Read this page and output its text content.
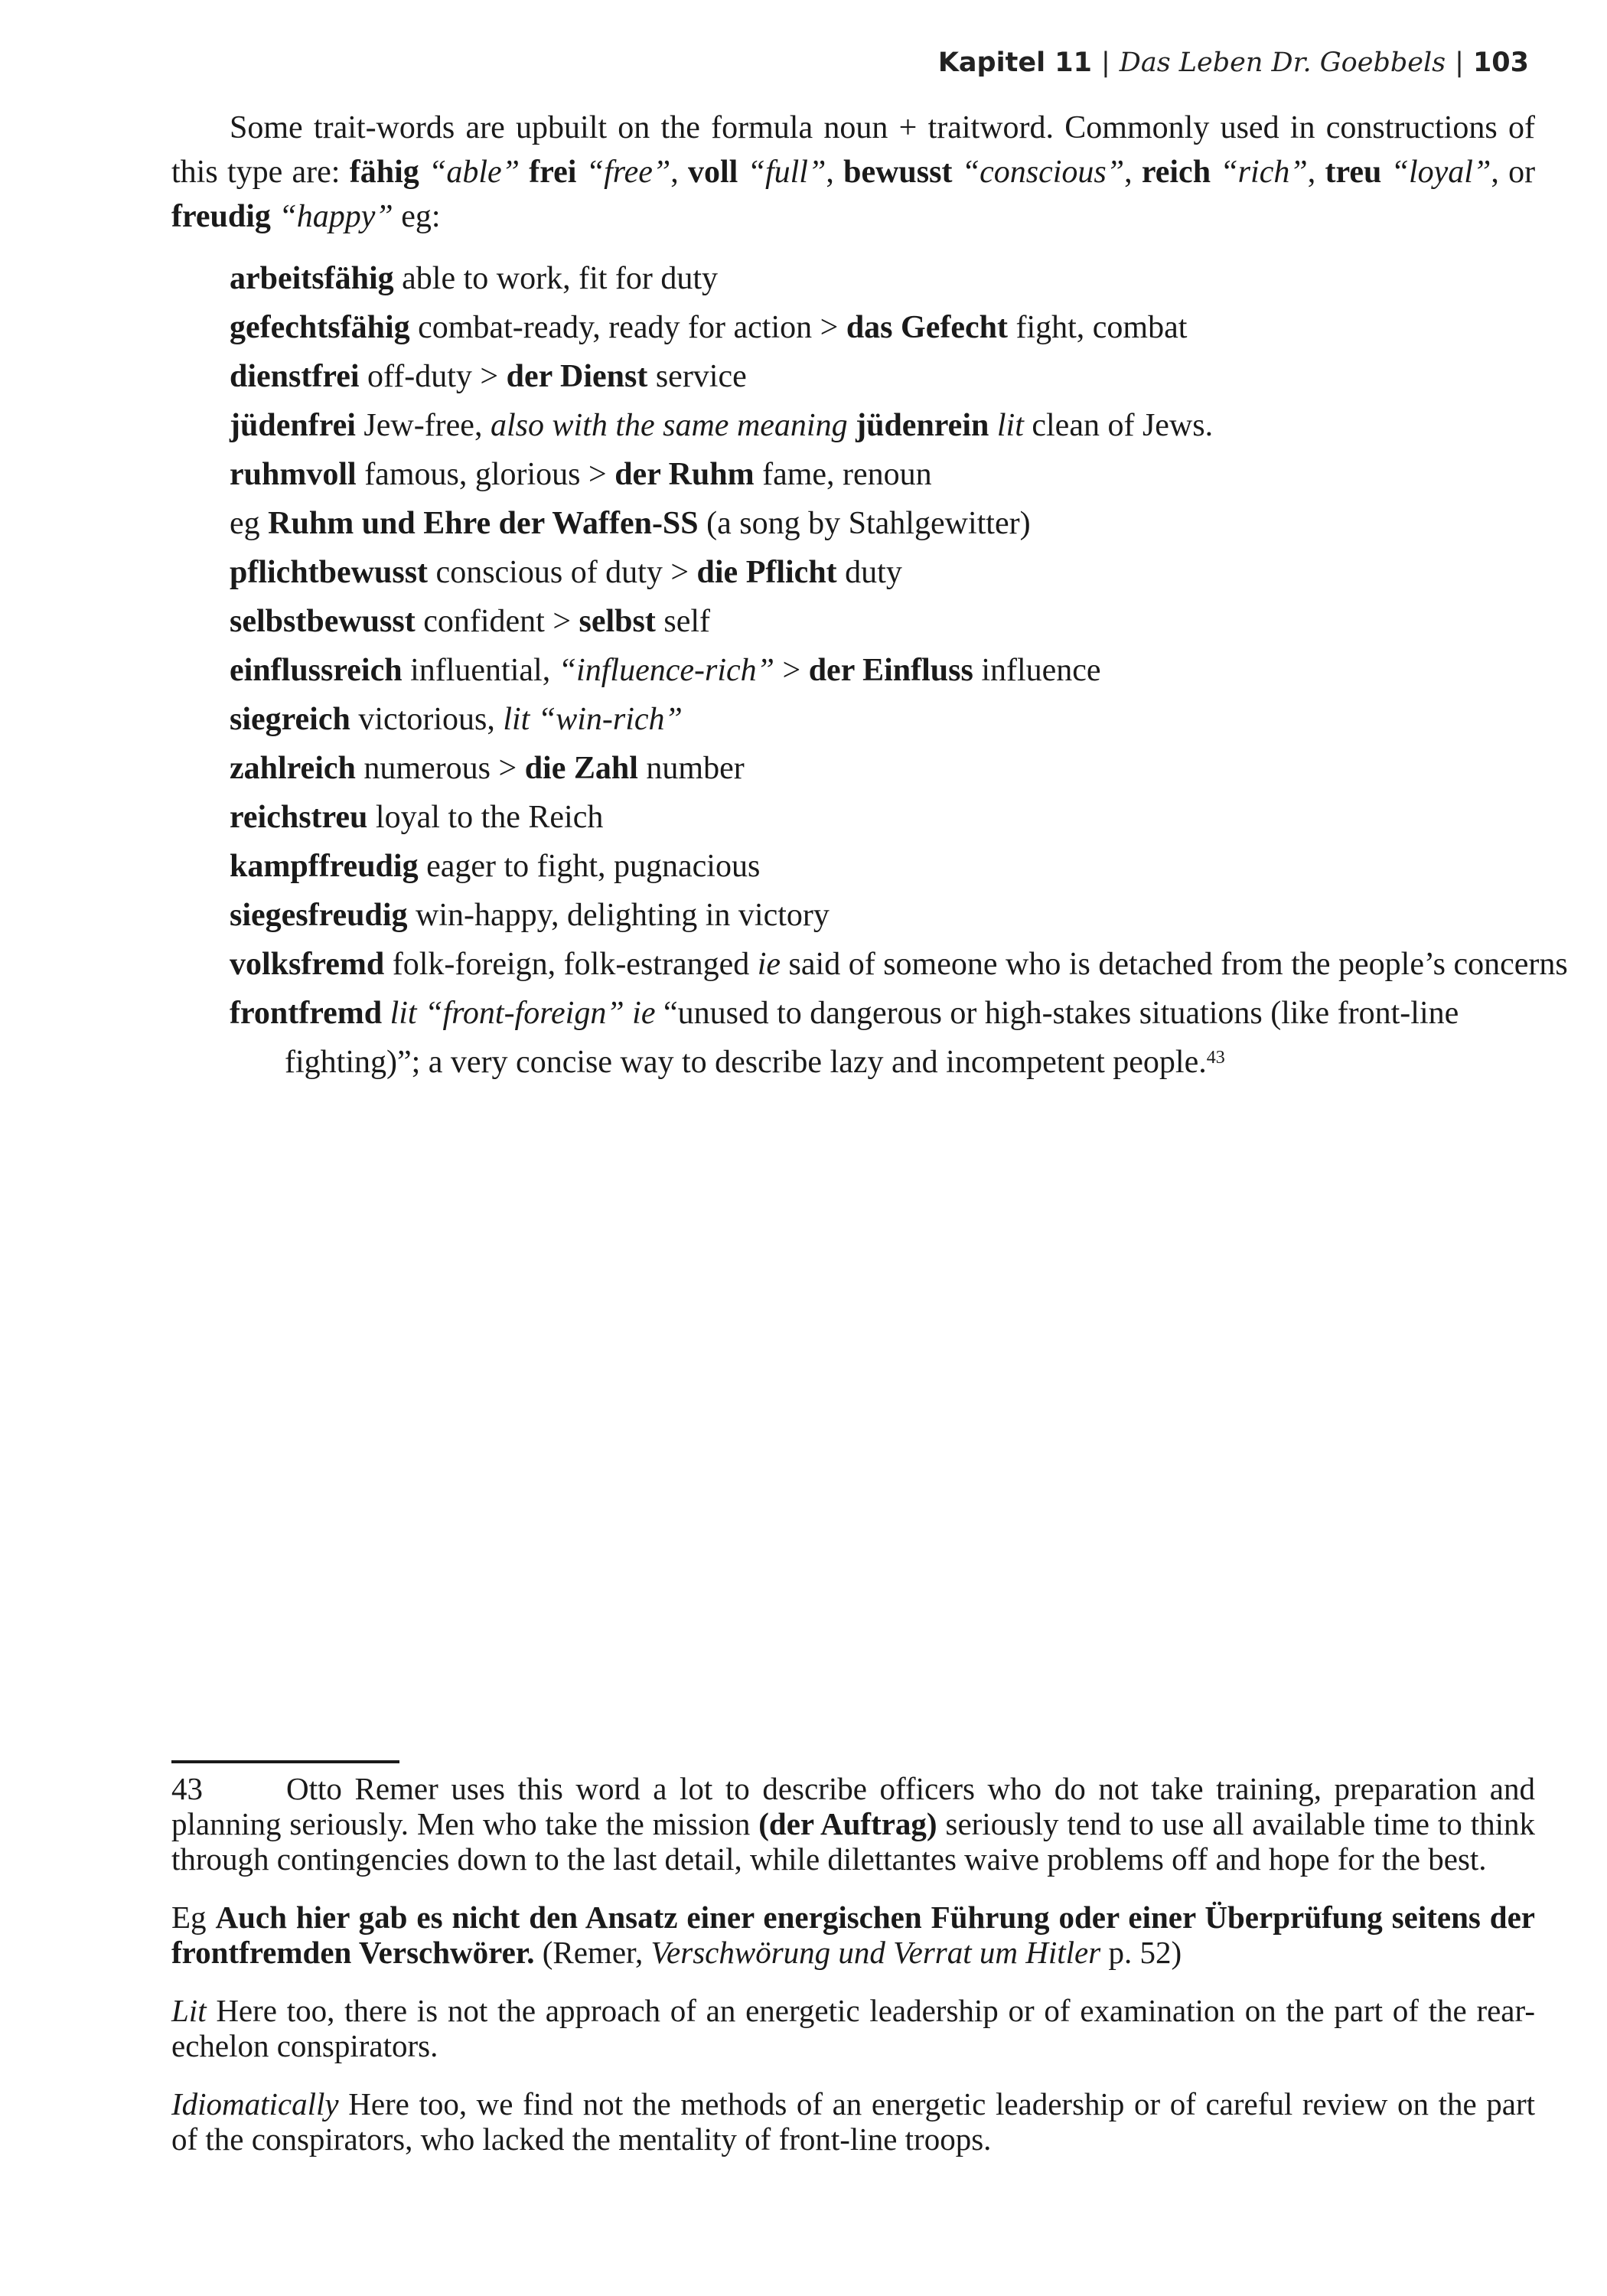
Kapitel 11 | Das Leben Dr. Goebbels | 103

Some trait-words are upbuilt on the formula noun + traitword. Commonly used in constructions of this type are: fähig “able” frei “free”, voll “full”, bewusst “conscious”, reich “rich”, treu “loyal”, or freudig “happy” eg:

arbeitsfähig able to work, fit for duty
gefechtsfähig combat-ready, ready for action > das Gefecht fight, combat
dienstfrei off-duty > der Dienst service
jüdenfrei Jew-free, also with the same meaning jüdenrein lit clean of Jews.
ruhmvoll famous, glorious > der Ruhm fame, renoun
eg Ruhm und Ehre der Waffen-SS (a song by Stahlgewitter)
pflichtbewusst conscious of duty > die Pflicht duty
selbstbewusst confident > selbst self
einflussreich influential, “influence-rich” > der Einfluss influence
siegreich victorious, lit “win-rich”
zahlreich numerous > die Zahl number
reichstreu loyal to the Reich
kampffreudig eager to fight, pugnacious
siegesfreudig win-happy, delighting in victory
volksfremd folk-foreign, folk-estranged ie said of someone who is detached from the people’s concerns
frontfremd lit “front-foreign” ie “unused to dangerous or high-stakes situations (like front-line fighting)”; a very concise way to describe lazy and incompetent people.$^{43}$

43	Otto Remer uses this word a lot to describe officers who do not take training, preparation and planning seriously. Men who take the mission (der Auftrag) seriously tend to use all available time to think through contingencies down to the last detail, while dilettantes waive problems off and hope for the best.

Eg Auch hier gab es nicht den Ansatz einer energischen Führung oder einer Überprüfung seitens der frontfremden Verschwörer. (Remer, Verschwörung und Verrat um Hitler p. 52)

Lit Here too, there is not the approach of an energetic leadership or of examination on the part of the rear-echelon conspirators.

Idiomatically Here too, we find not the methods of an energetic leadership or of careful review on the part of the conspirators, who lacked the mentality of front-line troops.
